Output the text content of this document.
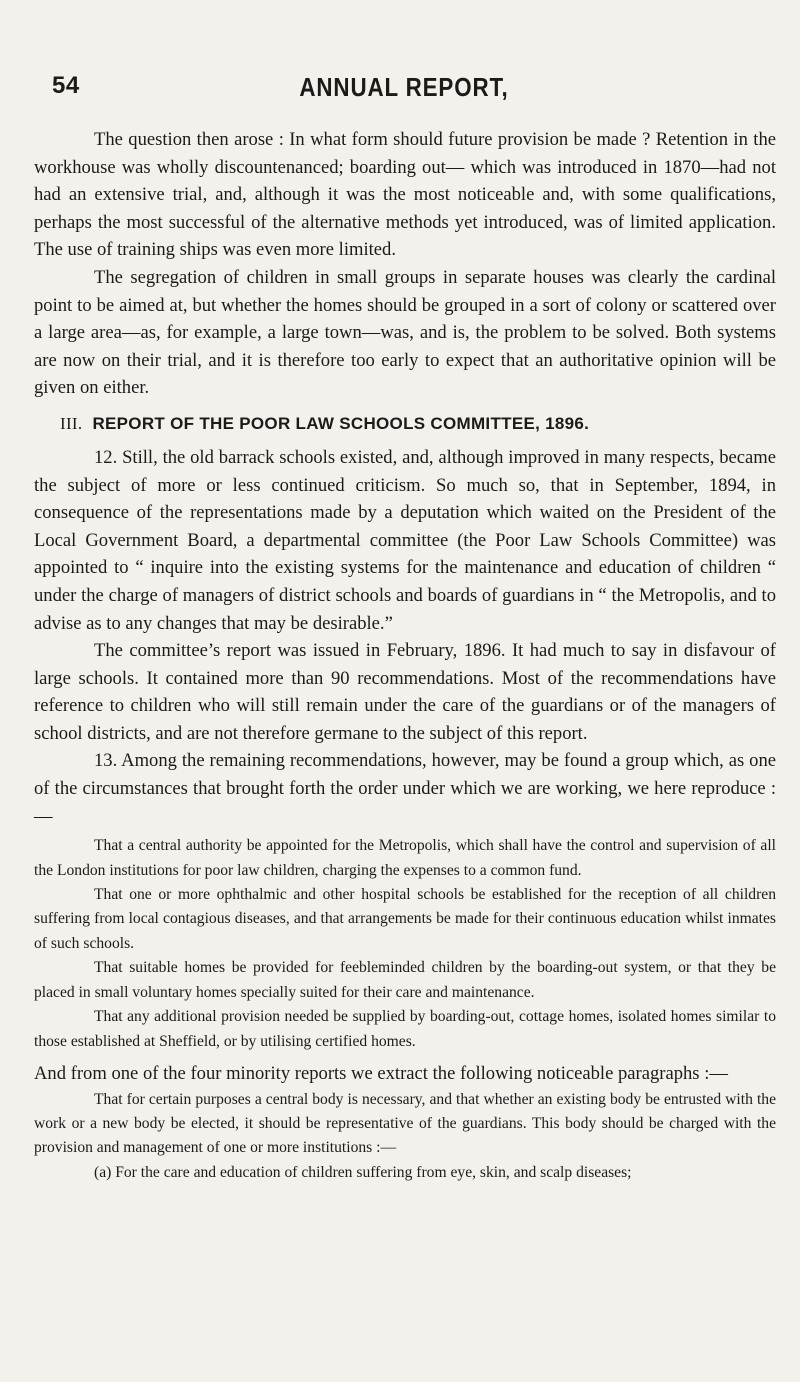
54	ANNUAL REPORT,

The question then arose : In what form should future provision be made ? Retention in the workhouse was wholly discountenanced; boarding out— which was introduced in 1870—had not had an extensive trial, and, although it was the most noticeable and, with some qualifications, perhaps the most successful of the alternative methods yet introduced, was of limited application. The use of training ships was even more limited.

The segregation of children in small groups in separate houses was clearly the cardinal point to be aimed at, but whether the homes should be grouped in a sort of colony or scattered over a large area—as, for example, a large town—was, and is, the problem to be solved. Both systems are now on their trial, and it is therefore too early to expect that an authoritative opinion will be given on either.

III. REPORT OF THE POOR LAW SCHOOLS COMMITTEE, 1896.

12. Still, the old barrack schools existed, and, although improved in many respects, became the subject of more or less continued criticism. So much so, that in September, 1894, in consequence of the representations made by a deputation which waited on the President of the Local Government Board, a departmental committee (the Poor Law Schools Committee) was appointed to “ inquire into the existing systems for the maintenance and education of children “ under the charge of managers of district schools and boards of guardians in “ the Metropolis, and to advise as to any changes that may be desirable.”

The committee’s report was issued in February, 1896. It had much to say in disfavour of large schools. It contained more than 90 recommendations. Most of the recommendations have reference to children who will still remain under the care of the guardians or of the managers of school districts, and are not therefore germane to the subject of this report.

13. Among the remaining recommendations, however, may be found a group which, as one of the circumstances that brought forth the order under which we are working, we here reproduce :—

That a central authority be appointed for the Metropolis, which shall have the control and supervision of all the London institutions for poor law children, charging the expenses to a common fund.

That one or more ophthalmic and other hospital schools be established for the reception of all children suffering from local contagious diseases, and that arrangements be made for their continuous education whilst inmates of such schools.

That suitable homes be provided for feebleminded children by the boarding-out system, or that they be placed in small voluntary homes specially suited for their care and maintenance.

That any additional provision needed be supplied by boarding-out, cottage homes, isolated homes similar to those established at Sheffield, or by utilising certified homes.

And from one of the four minority reports we extract the following noticeable paragraphs :—

That for certain purposes a central body is necessary, and that whether an existing body be entrusted with the work or a new body be elected, it should be representative of the guardians. This body should be charged with the provision and management of one or more institutions :—

(a) For the care and education of children suffering from eye, skin, and scalp diseases;
